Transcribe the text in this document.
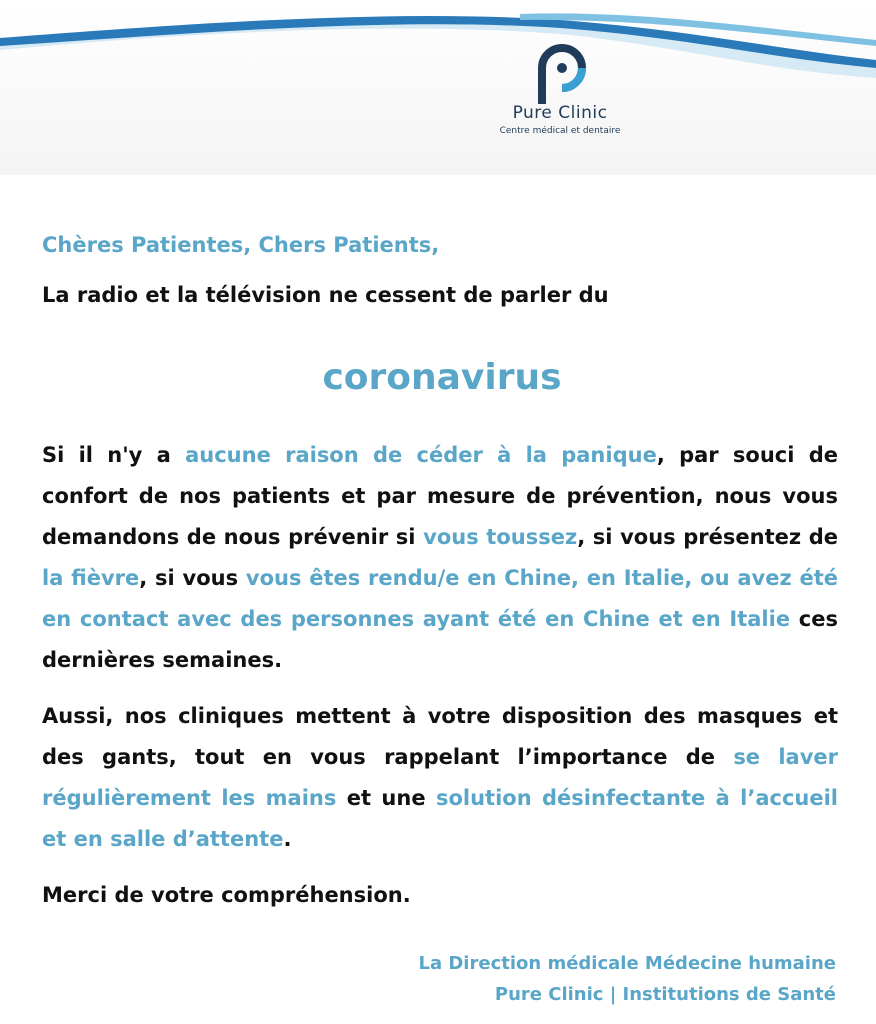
Pure Clinic
Centre médical et dentaire

Chères Patientes, Chers Patients,

La radio et la télévision ne cessent de parler du

coronavirus

Si il n'y a aucune raison de céder à la panique, par souci de confort de nos patients et par mesure de prévention, nous vous demandons de nous prévenir si vous toussez, si vous présentez de la fièvre, si vous vous êtes rendu/e en Chine, en Italie, ou avez été en contact avec des personnes ayant été en Chine et en Italie ces dernières semaines.

Aussi, nos cliniques mettent à votre disposition des masques et des gants, tout en vous rappelant l’importance de se laver régulièrement les mains et une solution désinfectante à l’accueil et en salle d’attente.

Merci de votre compréhension.

La Direction médicale Médecine humaine
Pure Clinic | Institutions de Santé
